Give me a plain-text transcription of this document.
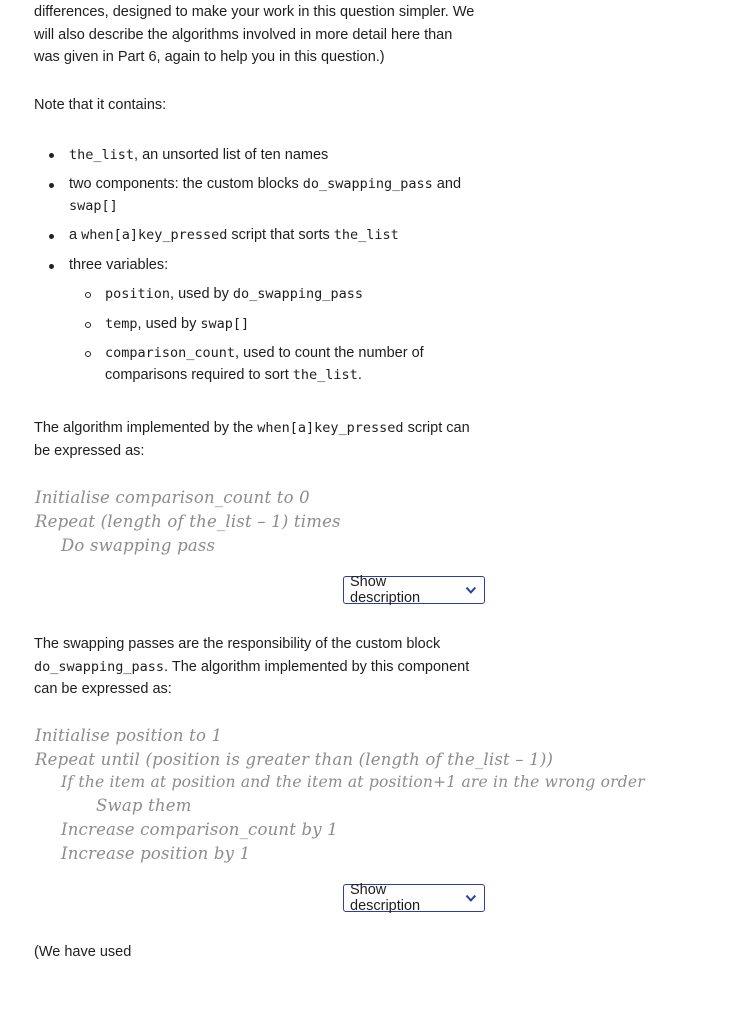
differences, designed to make your work in this question simpler. We
will also describe the algorithms involved in more detail here than
was given in Part 6, again to help you in this question.)
Note that it contains:
the_list, an unsorted list of ten names
two components: the custom blocks do_swapping_pass and
swap[]
a when[a]key_pressed script that sorts the_list
three variables:
position, used by do_swapping_pass
temp, used by swap[]
comparison_count, used to count the number of
comparisons required to sort the_list.
The algorithm implemented by the when[a]key_pressed script can
be expressed as:
Initialise comparison_count to 0
Repeat (length of the_list – 1) times
Do swapping pass
Show description
The swapping passes are the responsibility of the custom block
do_swapping_pass. The algorithm implemented by this component
can be expressed as:
Initialise position to 1
Repeat until (position is greater than (length of the_list – 1))
If the item at position and the item at position+1 are in the wrong order
Swap them
Increase comparison_count by 1
Increase position by 1
Show description
(We have used
